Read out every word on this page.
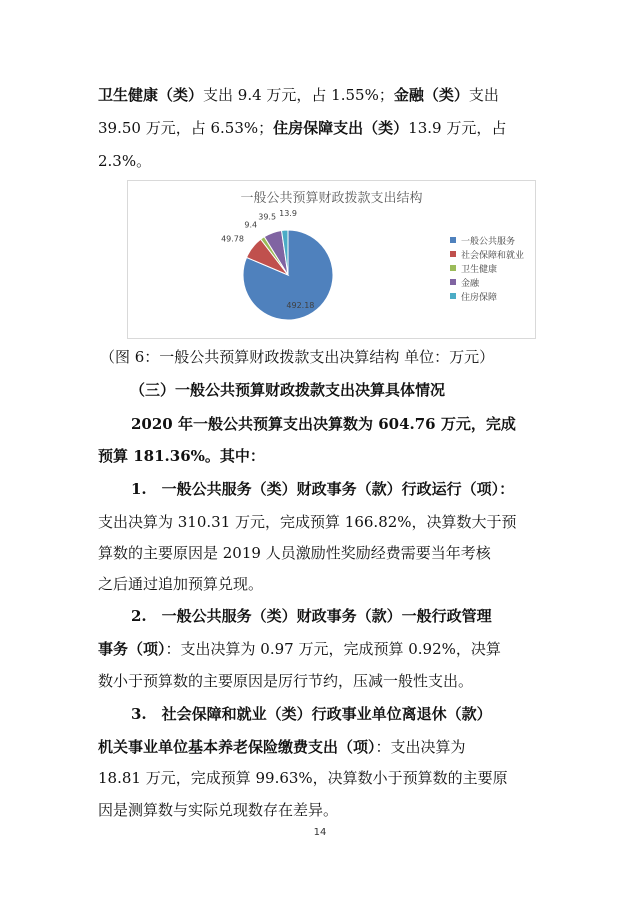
卫生健康（类）支出 9.4 万元，占 1.55%；金融（类）支出
39.50 万元，占 6.53%；住房保障支出（类）13.9 万元，占
2.3%。
一般公共预算财政拨款支出结构
492.18
49.78
9.4
39.5 13.9
一般公共服务
社会保障和就业
卫生健康
金融
住房保障
（图 6：一般公共预算财政拨款支出决算结构 单位：万元）
（三）一般公共预算财政拨款支出决算具体情况
2020 年一般公共预算支出决算数为 604.76 万元，完成
预算 181.36%。其中：
1.　一般公共服务（类）财政事务（款）行政运行（项）：
支出决算为 310.31 万元，完成预算 166.82%，决算数大于预
算数的主要原因是 2019 人员激励性奖励经费需要当年考核
之后通过追加预算兑现。
2.　一般公共服务（类）财政事务（款）一般行政管理
事务（项）：支出决算为 0.97 万元，完成预算 0.92%，决算
数小于预算数的主要原因是厉行节约，压减一般性支出。
3.　社会保障和就业（类）行政事业单位离退休（款）
机关事业单位基本养老保险缴费支出（项）：支出决算为
18.81 万元，完成预算 99.63%，决算数小于预算数的主要原
因是测算数与实际兑现数存在差异。
14
